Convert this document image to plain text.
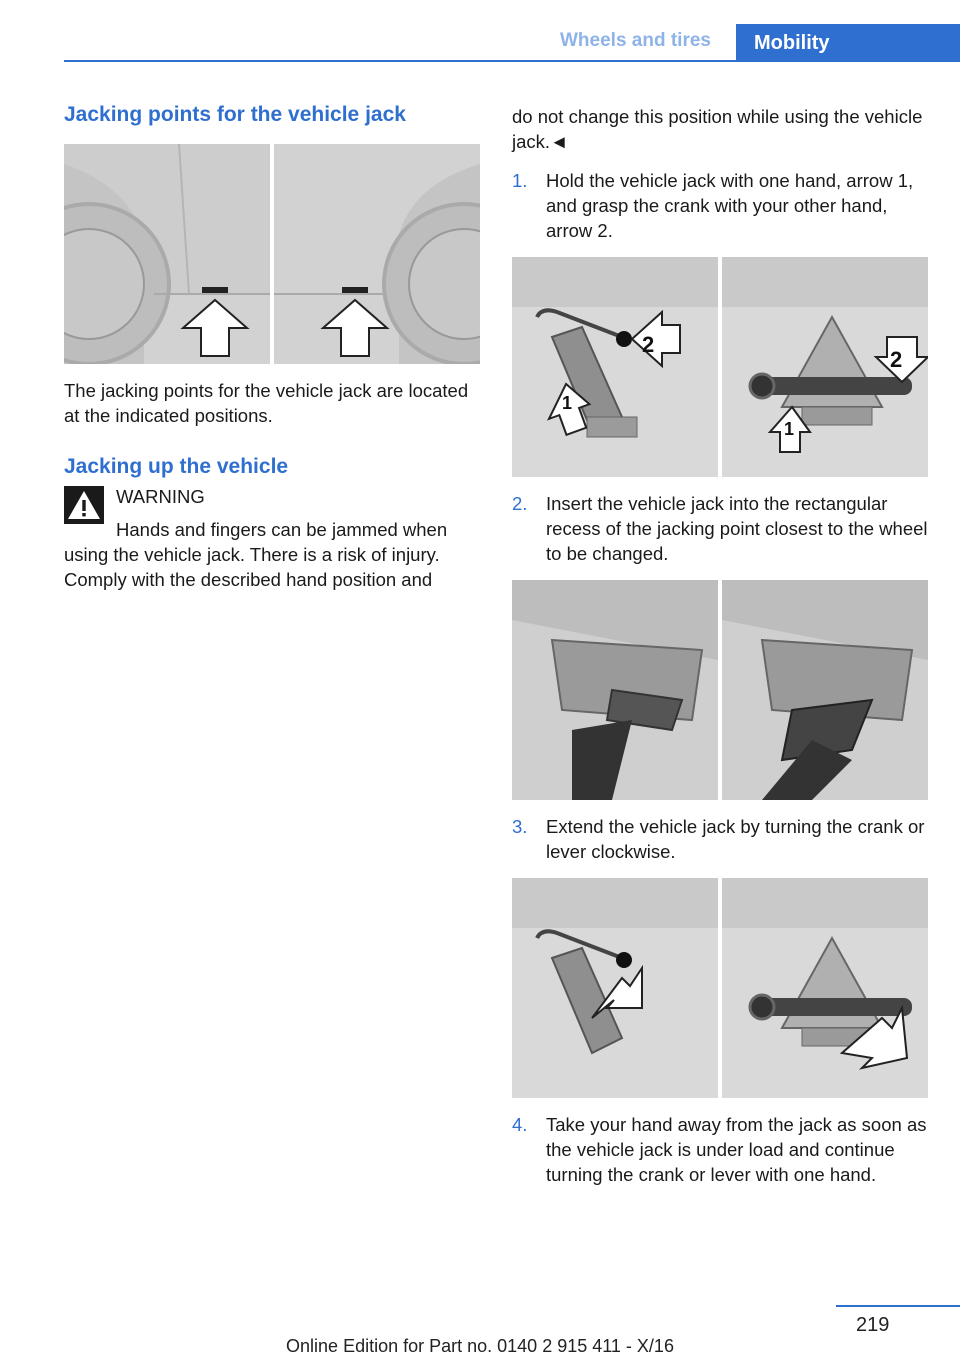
Wheels and tires	Mobility
Jacking points for the vehicle jack
The jacking points for the vehicle jack are located at the indicated positions.
Jacking up the vehicle
WARNING
Hands and fingers can be jammed when using the vehicle jack. There is a risk of injury. Comply with the described hand position and
do not change this position while using the vehicle jack.◄
1. Hold the vehicle jack with one hand, arrow 1, and grasp the crank with your other hand, arrow 2.
2
1
2
1
2. Insert the vehicle jack into the rectangular recess of the jacking point closest to the wheel to be changed.
3. Extend the vehicle jack by turning the crank or lever clockwise.
4. Take your hand away from the jack as soon as the vehicle jack is under load and continue turning the crank or lever with one hand.
219
Online Edition for Part no. 0140 2 915 411 - X/16
